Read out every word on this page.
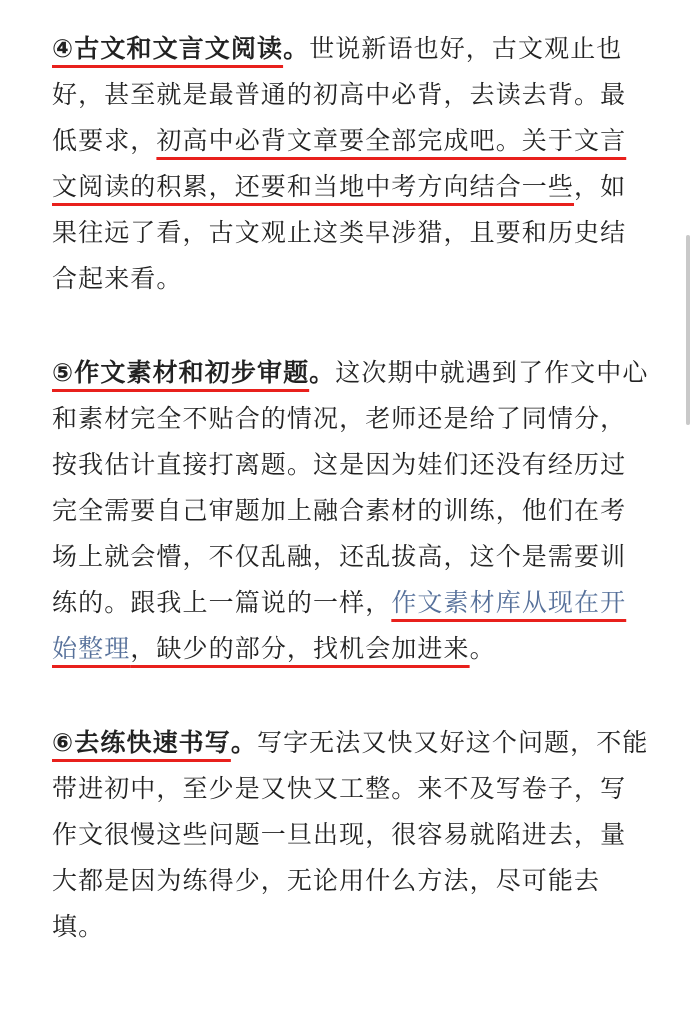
④古文和文言文阅读。世说新语也好，古文观止也好，甚至就是最普通的初高中必背，去读去背。最低要求，初高中必背文章要全部完成吧。关于文言文阅读的积累，还要和当地中考方向结合一些，如果往远了看，古文观止这类早涉猎，且要和历史结合起来看。

⑤作文素材和初步审题。这次期中就遇到了作文中心和素材完全不贴合的情况，老师还是给了同情分，按我估计直接打离题。这是因为娃们还没有经历过完全需要自己审题加上融合素材的训练，他们在考场上就会懵，不仅乱融，还乱拔高，这个是需要训练的。跟我上一篇说的一样，作文素材库从现在开始整理，缺少的部分，找机会加进来。

⑥去练快速书写。写字无法又快又好这个问题，不能带进初中，至少是又快又工整。来不及写卷子，写作文很慢这些问题一旦出现，很容易就陷进去，量大都是因为练得少，无论用什么方法，尽可能去填。
